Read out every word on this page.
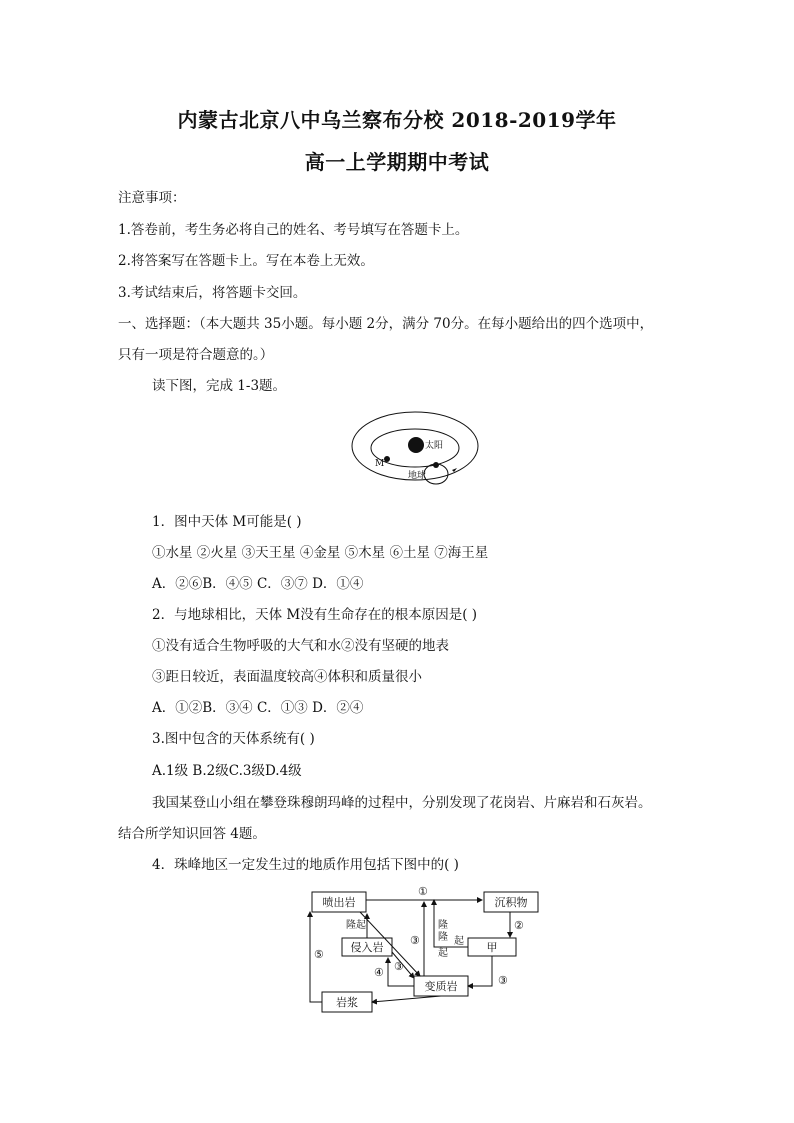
内蒙古北京八中乌兰察布分校 2018-2019学年
高一上学期期中考试
注意事项：
1.答卷前，考生务必将自己的姓名、考号填写在答题卡上。
2.将答案写在答题卡上。写在本卷上无效。
3.考试结束后，将答题卡交回。
一、选择题：（本大题共 35小题。每小题 2分，满分 70分。在每小题给出的四个选项中，
只有一项是符合题意的。）
读下图，完成 1-3题。
太阳
M
地球
1．图中天体 M可能是( )
①水星 ②火星 ③天王星 ④金星 ⑤木星 ⑥土星 ⑦海王星
A．②⑥B．④⑤ C．③⑦ D．①④
2．与地球相比，天体 M没有生命存在的根本原因是( )
①没有适合生物呼吸的大气和水②没有坚硬的地表
③距日较近，表面温度较高④体积和质量很小
A．①②B．③④ C．①③ D．②④
3.图中包含的天体系统有( )
A.1级 B.2级C.3级D.4级
我国某登山小组在攀登珠穆朗玛峰的过程中，分别发现了花岗岩、片麻岩和石灰岩。
结合所学知识回答 4题。
4．珠峰地区一定发生过的地质作用包括下图中的( )
喷出岩	沉积物
甲
侵入岩
变质岩
岩浆
①
②
③
隆
起
隆
起
③
③
隆起
④
⑤
